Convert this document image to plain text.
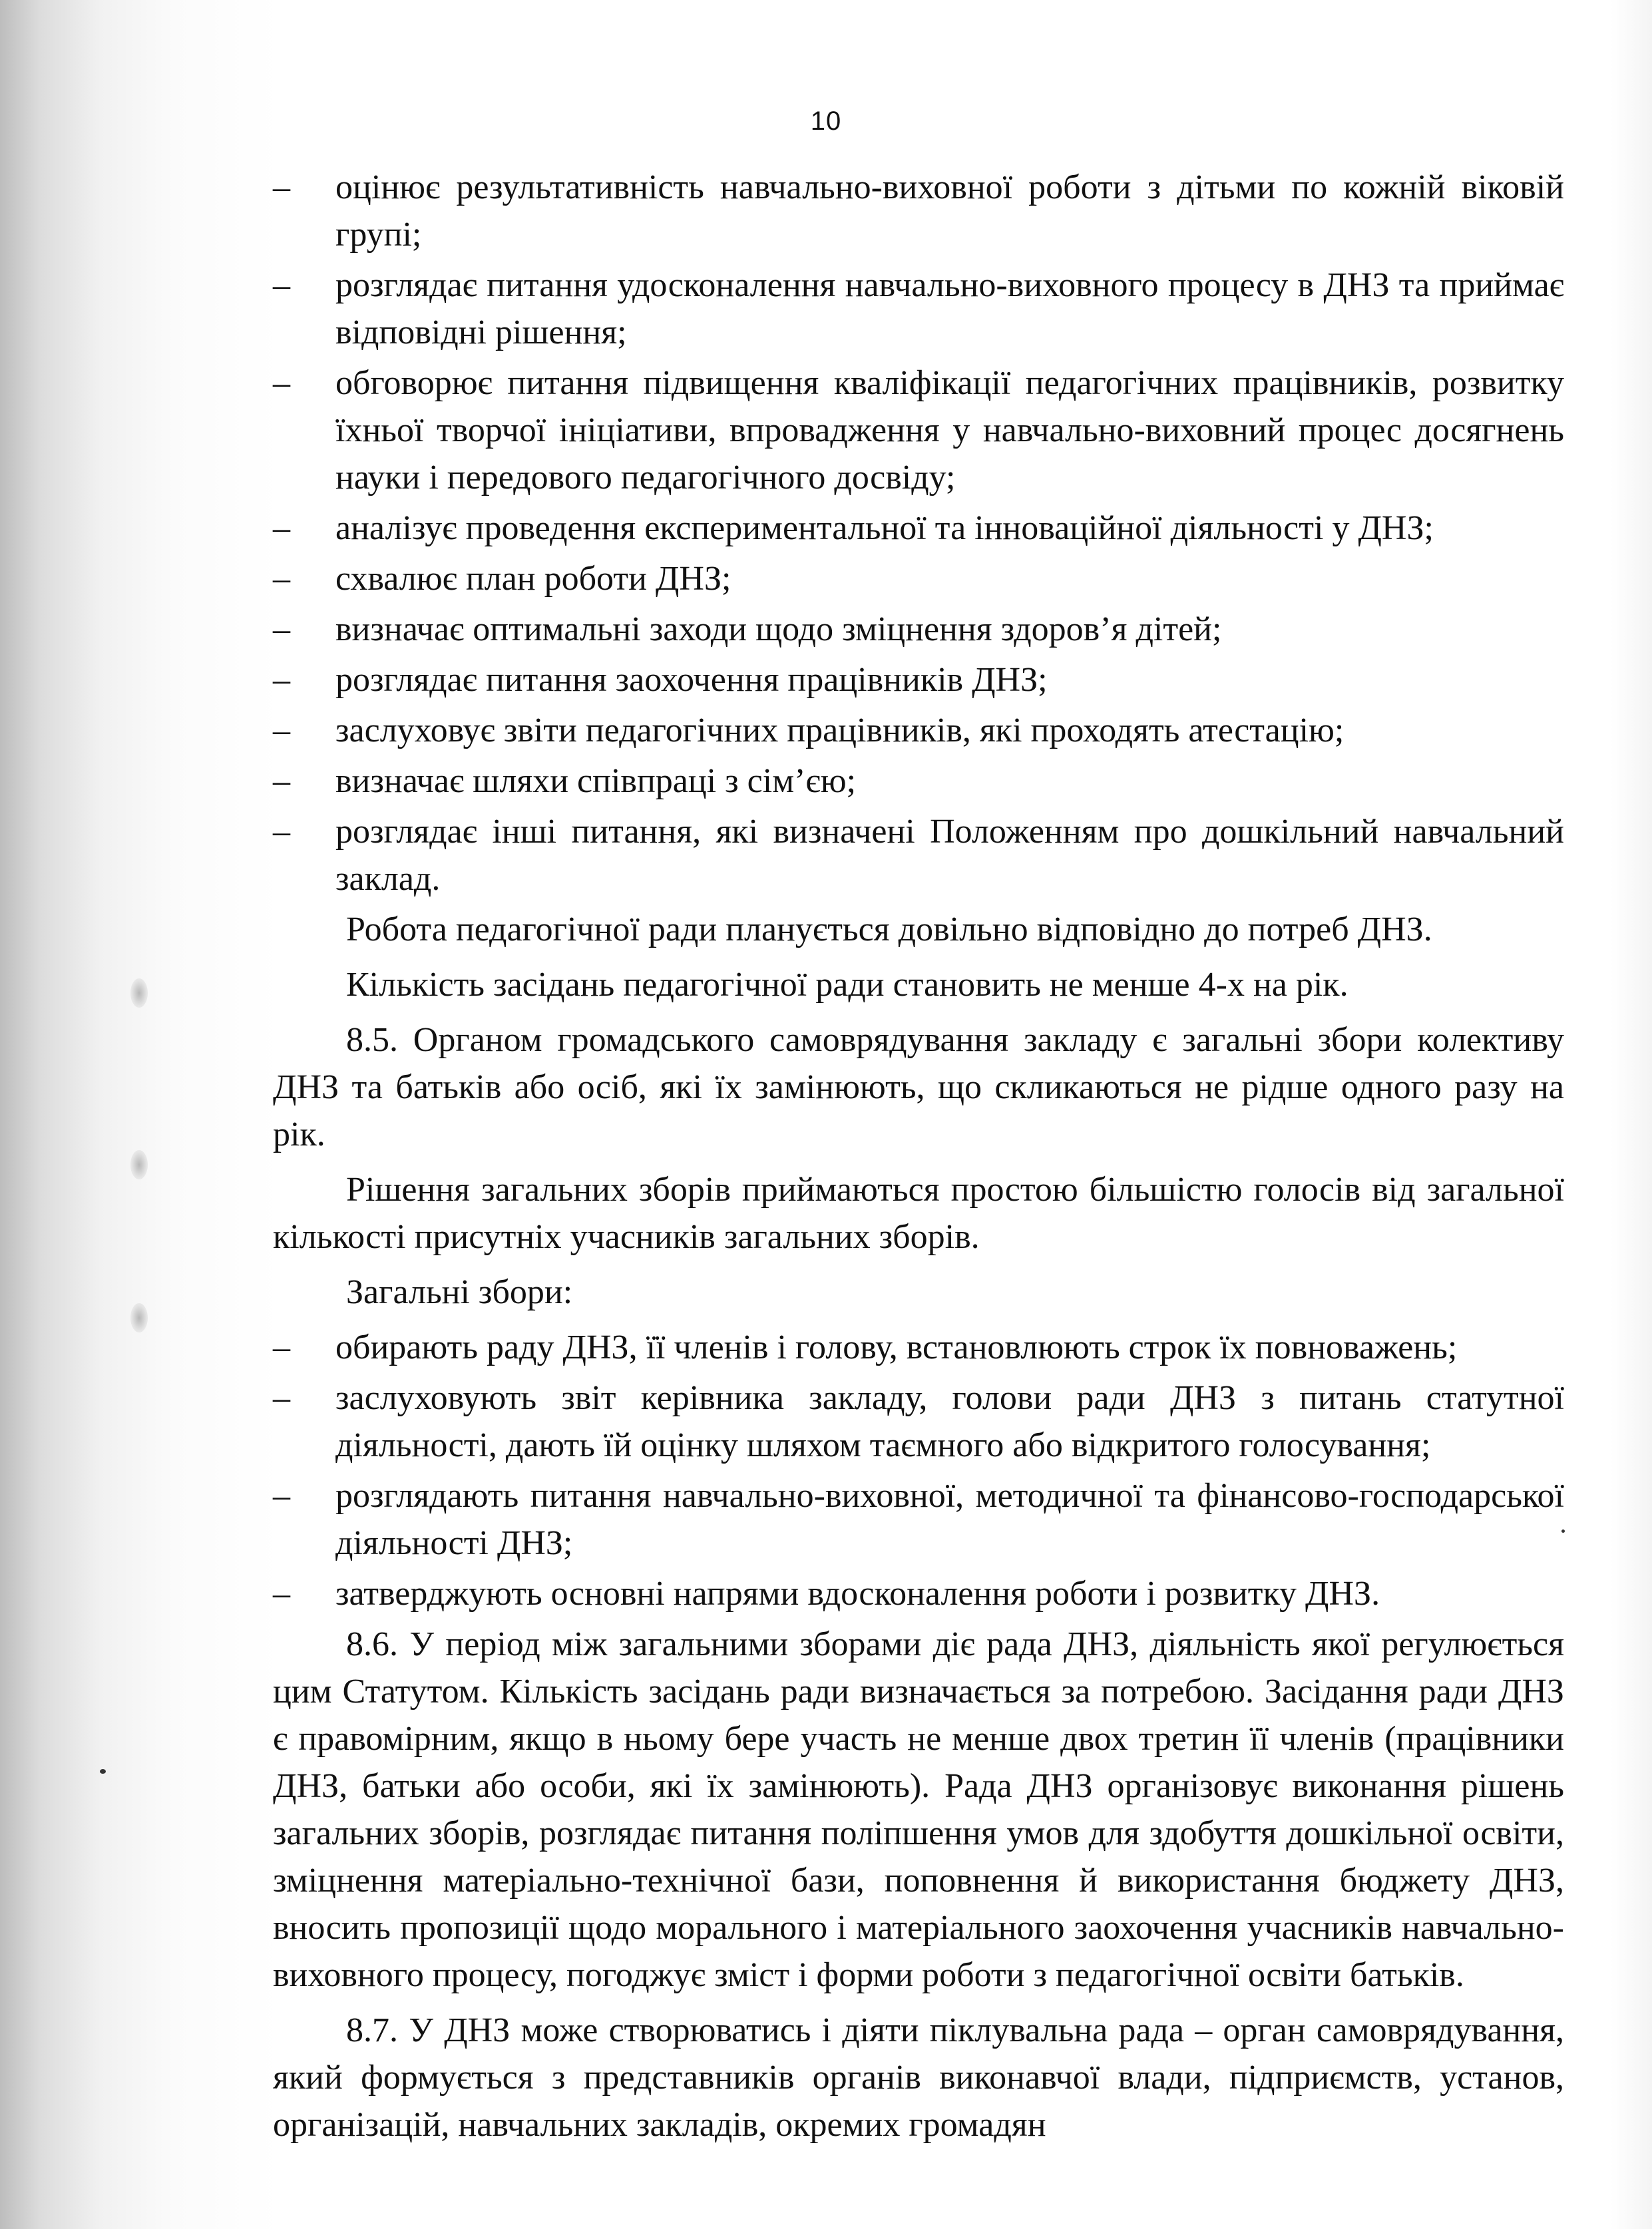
10

–	оцінює результативність навчально-виховної роботи з дітьми по кожній віковій групі;

–	розглядає питання удосконалення навчально-виховного процесу в ДНЗ та приймає відповідні рішення;

–	обговорює питання підвищення кваліфікації педагогічних працівників, розвитку їхньої творчої ініціативи, впровадження у навчально-виховний процес досягнень науки і передового педагогічного досвіду;

–	аналізує проведення експериментальної та інноваційної діяльності у ДНЗ;

–	схвалює план роботи ДНЗ;

–	визначає оптимальні заходи щодо зміцнення здоров’я дітей;

–	розглядає питання заохочення працівників ДНЗ;

–	заслуховує звіти педагогічних працівників, які проходять атестацію;

–	визначає шляхи співпраці з сім’єю;

–	розглядає інші питання, які визначені Положенням про дошкільний навчальний заклад.

Робота педагогічної ради планується довільно відповідно до потреб ДНЗ.

Кількість засідань педагогічної ради становить не менше 4-х на рік.

8.5. Органом громадського самоврядування закладу є загальні збори колективу ДНЗ та батьків або осіб, які їх замінюють, що скликаються не рідше одного разу на рік.

Рішення загальних зборів приймаються простою більшістю голосів від загальної кількості присутніх учасників загальних зборів.

Загальні збори:

–	обирають раду ДНЗ, її членів і голову, встановлюють строк їх повноважень;

–	заслуховують звіт керівника закладу, голови ради ДНЗ з питань статутної діяльності, дають їй оцінку шляхом таємного або відкритого голосування;

–	розглядають питання навчально-виховної, методичної та фінансово-господарської діяльності ДНЗ;

–	затверджують основні напрями вдосконалення роботи і розвитку ДНЗ.

8.6. У період між загальними зборами діє рада ДНЗ, діяльність якої регулюється цим Статутом. Кількість засідань ради визначається за потребою. Засідання ради ДНЗ є правомірним, якщо в ньому бере участь не менше двох третин її членів (працівники ДНЗ, батьки або особи, які їх замінюють). Рада ДНЗ організовує виконання рішень загальних зборів, розглядає питання поліпшення умов для здобуття дошкільної освіти, зміцнення матеріально-технічної бази, поповнення й використання бюджету ДНЗ, вносить пропозиції щодо морального і матеріального заохочення учасників навчально-виховного процесу, погоджує зміст і форми роботи з педагогічної освіти батьків.

8.7. У ДНЗ може створюватись і діяти піклувальна рада – орган самоврядування, який формується з представників органів виконавчої влади, підприємств, установ, організацій, навчальних закладів, окремих громадян
